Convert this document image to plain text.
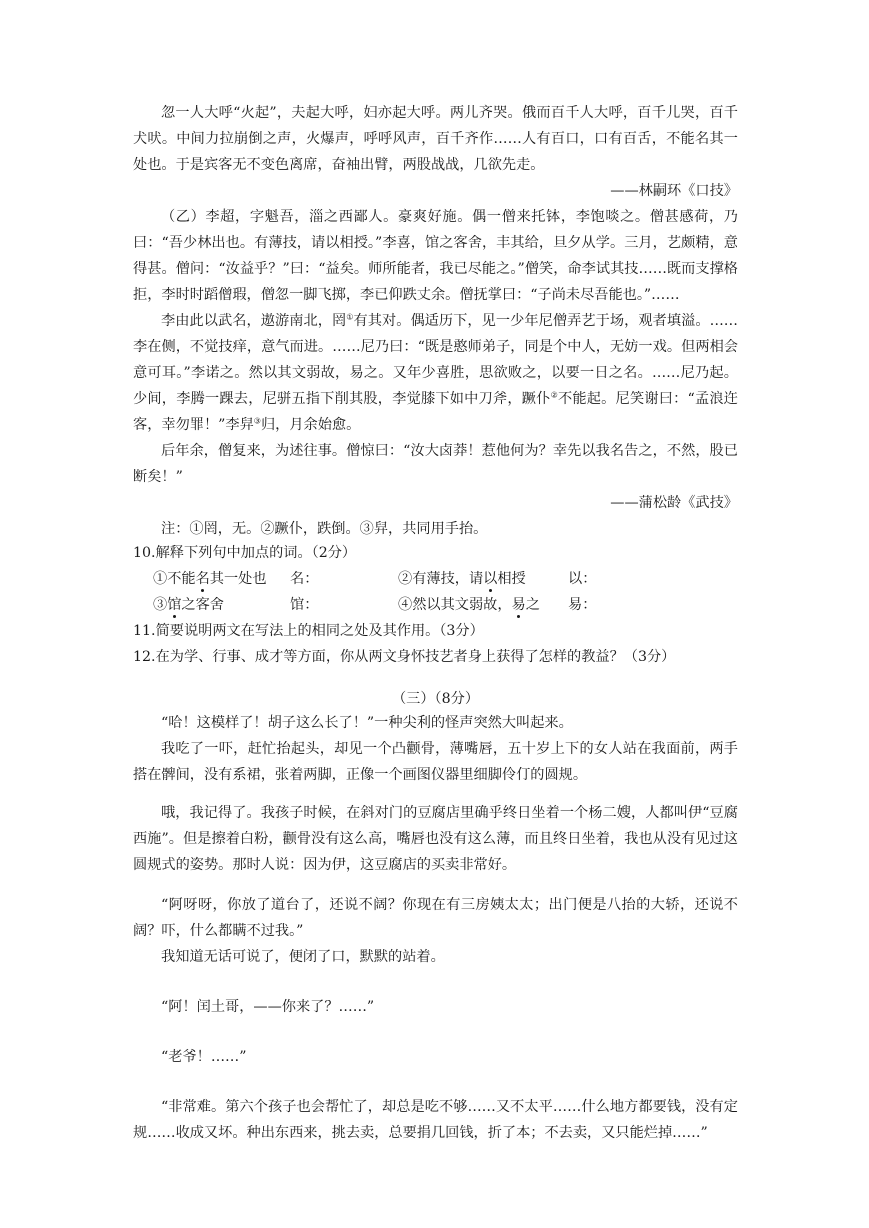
忽一人大呼“火起”，夫起大呼，妇亦起大呼。两儿齐哭。俄而百千人大呼，百千儿哭，百千犬吠。中间力拉崩倒之声，火爆声，呼呼风声，百千齐作……人有百口，口有百舌，不能名其一处也。于是宾客无不变色离席，奋袖出臂，两股战战，几欲先走。

——林嗣环《口技》

（乙）李超，字魁吾，淄之西鄙人。豪爽好施。偶一僧来托钵，李饱啖之。僧甚感荷，乃曰：“吾少林出也。有薄技，请以相授。”李喜，馆之客舍，丰其给，旦夕从学。三月，艺颇精，意得甚。僧问：“汝益乎？”曰：“益矣。师所能者，我已尽能之。”僧笑，命李试其技……既而支撑格拒，李时时蹈僧瑕，僧忽一脚飞掷，李已仰跌丈余。僧抚掌曰：“子尚未尽吾能也。”……

李由此以武名，遨游南北，罔①有其对。偶适历下，见一少年尼僧弄艺于场，观者填溢。……李在侧，不觉技痒，意气而进。……尼乃曰：“既是憨师弟子，同是个中人，无妨一戏。但两相会意可耳。”李诺之。然以其文弱故，易之。又年少喜胜，思欲败之，以要一日之名。……尼乃起。少间，李腾一踝去，尼骈五指下削其股，李觉膝下如中刀斧，蹶仆②不能起。尼笑谢曰：“孟浪迕客，幸勿罪！”李舁③归，月余始愈。

后年余，僧复来，为述往事。僧惊曰：“汝大卤莽！惹他何为？幸先以我名告之，不然，股已断矣！”

——蒲松龄《武技》

注：①罔，无。②蹶仆，跌倒。③舁，共同用手抬。

10.解释下列句中加点的词。（2分）

①不能名其一处也 名：	②有薄技，请以相授	以：

③馆之客舍	馆：	④然以其文弱故，易之 易：

11.简要说明两文在写法上的相同之处及其作用。（3分）

12.在为学、行事、成才等方面，你从两文身怀技艺者身上获得了怎样的教益？（3分）

（三）（8分）

“哈！这模样了！胡子这么长了！”一种尖利的怪声突然大叫起来。

我吃了一吓，赶忙抬起头，却见一个凸颧骨，薄嘴唇，五十岁上下的女人站在我面前，两手搭在髀间，没有系裙，张着两脚，正像一个画图仪器里细脚伶仃的圆规。

哦，我记得了。我孩子时候，在斜对门的豆腐店里确乎终日坐着一个杨二嫂，人都叫伊“豆腐西施”。但是擦着白粉，颧骨没有这么高，嘴唇也没有这么薄，而且终日坐着，我也从没有见过这圆规式的姿势。那时人说：因为伊，这豆腐店的买卖非常好。

“阿呀呀，你放了道台了，还说不阔？你现在有三房姨太太；出门便是八抬的大轿，还说不阔？吓，什么都瞒不过我。”

我知道无话可说了，便闭了口，默默的站着。

“阿！闰土哥，——你来了？……”

“老爷！……”

“非常难。第六个孩子也会帮忙了，却总是吃不够……又不太平……什么地方都要钱，没有定规……收成又坏。种出东西来，挑去卖，总要捐几回钱，折了本；不去卖，又只能烂掉……”
